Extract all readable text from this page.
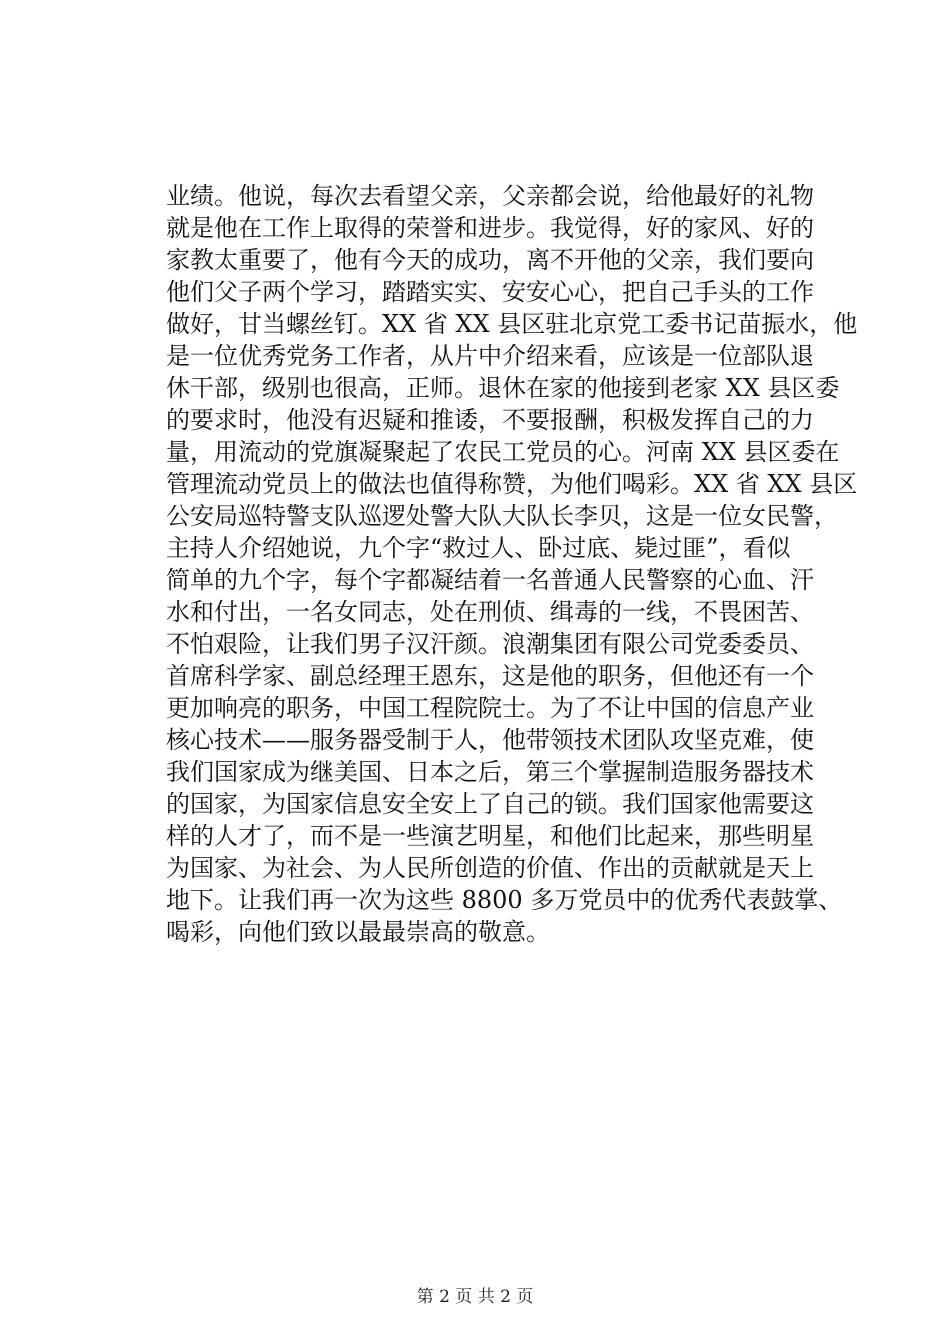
业绩。他说，每次去看望父亲，父亲都会说，给他最好的礼物
就是他在工作上取得的荣誉和进步。我觉得，好的家风、好的
家教太重要了，他有今天的成功，离不开他的父亲，我们要向
他们父子两个学习，踏踏实实、安安心心，把自己手头的工作
做好，甘当螺丝钉。XX 省 XX 县区驻北京党工委书记苗振水，他
是一位优秀党务工作者，从片中介绍来看，应该是一位部队退
休干部，级别也很高，正师。退休在家的他接到老家 XX 县区委
的要求时，他没有迟疑和推诿，不要报酬，积极发挥自己的力
量，用流动的党旗凝聚起了农民工党员的心。河南 XX 县区委在
管理流动党员上的做法也值得称赞，为他们喝彩。XX 省 XX 县区
公安局巡特警支队巡逻处警大队大队长李贝，这是一位女民警，
主持人介绍她说，九个字“救过人、卧过底、毙过匪”，看似
简单的九个字，每个字都凝结着一名普通人民警察的心血、汗
水和付出，一名女同志，处在刑侦、缉毒的一线，不畏困苦、
不怕艰险，让我们男子汉汗颜。浪潮集团有限公司党委委员、
首席科学家、副总经理王恩东，这是他的职务，但他还有一个
更加响亮的职务，中国工程院院士。为了不让中国的信息产业
核心技术——服务器受制于人，他带领技术团队攻坚克难，使
我们国家成为继美国、日本之后，第三个掌握制造服务器技术
的国家，为国家信息安全安上了自己的锁。我们国家他需要这
样的人才了，而不是一些演艺明星，和他们比起来，那些明星
为国家、为社会、为人民所创造的价值、作出的贡献就是天上
地下。让我们再一次为这些 8800 多万党员中的优秀代表鼓掌、
喝彩，向他们致以最最崇高的敬意。
第 2 页 共 2 页
